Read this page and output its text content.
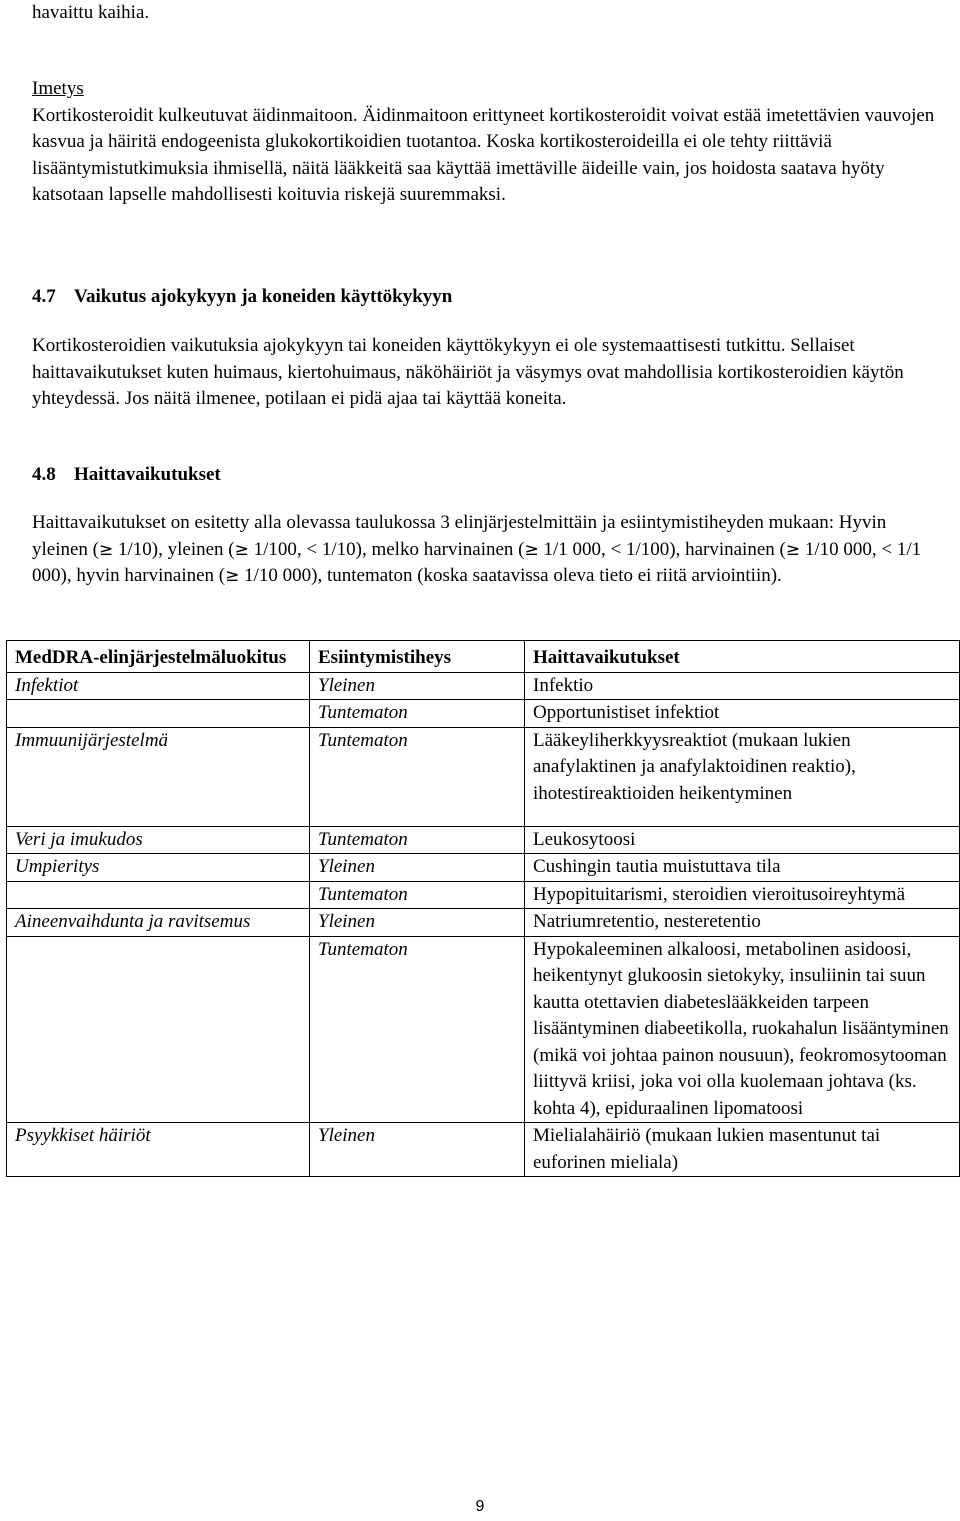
havaittu kaihia.

Imetys

Kortikosteroidit kulkeutuvat äidinmaitoon. Äidinmaitoon erittyneet kortikosteroidit voivat estää imetettävien vauvojen kasvua ja häiritä endogeenista glukokortikoidien tuotantoa. Koska kortikosteroideilla ei ole tehty riittäviä lisääntymistutkimuksia ihmisellä, näitä lääkkeitä saa käyttää imettäville äideille vain, jos hoidosta saatava hyöty katsotaan lapselle mahdollisesti koituvia riskejä suuremmaksi.

4.7 Vaikutus ajokykyyn ja koneiden käyttökykyyn
Kortikosteroidien vaikutuksia ajokykyyn tai koneiden käyttökykyyn ei ole systemaattisesti tutkittu. Sellaiset haittavaikutukset kuten huimaus, kiertohuimaus, näköhäiriöt ja väsymys ovat mahdollisia kortikosteroidien käytön yhteydessä. Jos näitä ilmenee, potilaan ei pidä ajaa tai käyttää koneita.
4.8 Haittavaikutukset
Haittavaikutukset on esitetty alla olevassa taulukossa 3 elinjärjestelmittäin ja esiintymistiheyden mukaan: Hyvin yleinen (≥ 1/10), yleinen (≥ 1/100, < 1/10), melko harvinainen (≥ 1/1 000, < 1/100), harvinainen (≥ 1/10 000, < 1/1 000), hyvin harvinainen (≥ 1/10 000), tuntematon (koska saatavissa oleva tieto ei riitä arviointiin).
MedDRA-elinjärjestelmäluokitus	Esiintymistiheys	Haittavaikutukset
Infektiot	Yleinen	Infektio
	Tuntematon	Opportunistiset infektiot
Immuunijärjestelmä	Tuntematon	Lääkeyliherkkyysreaktiot (mukaan lukien anafylaktinen ja anafylaktoidinen reaktio), ihotestireaktioiden heikentyminen
Veri ja imukudos	Tuntematon	Leukosytoosi
Umpieritys	Yleinen	Cushingin tautia muistuttava tila
	Tuntematon	Hypopituitarismi, steroidien vieroitusoireyhtymä
Aineenvaihdunta ja ravitsemus	Yleinen	Natriumretentio, nesteretentio
	Tuntematon	Hypokaleeminen alkaloosi, metabolinen asidoosi, heikentynyt glukoosin sietokyky, insuliinin tai suun kautta otettavien diabeteslääkkeiden tarpeen lisääntyminen diabeetikolla, ruokahalun lisääntyminen (mikä voi johtaa painon nousuun), feokromosytooman liittyvä kriisi, joka voi olla kuolemaan johtava (ks. kohta 4), epiduraalinen lipomatoosi
Psyykkiset häiriöt	Yleinen	Mielialahäiriö (mukaan lukien masentunut tai euforinen mieliala)
9
